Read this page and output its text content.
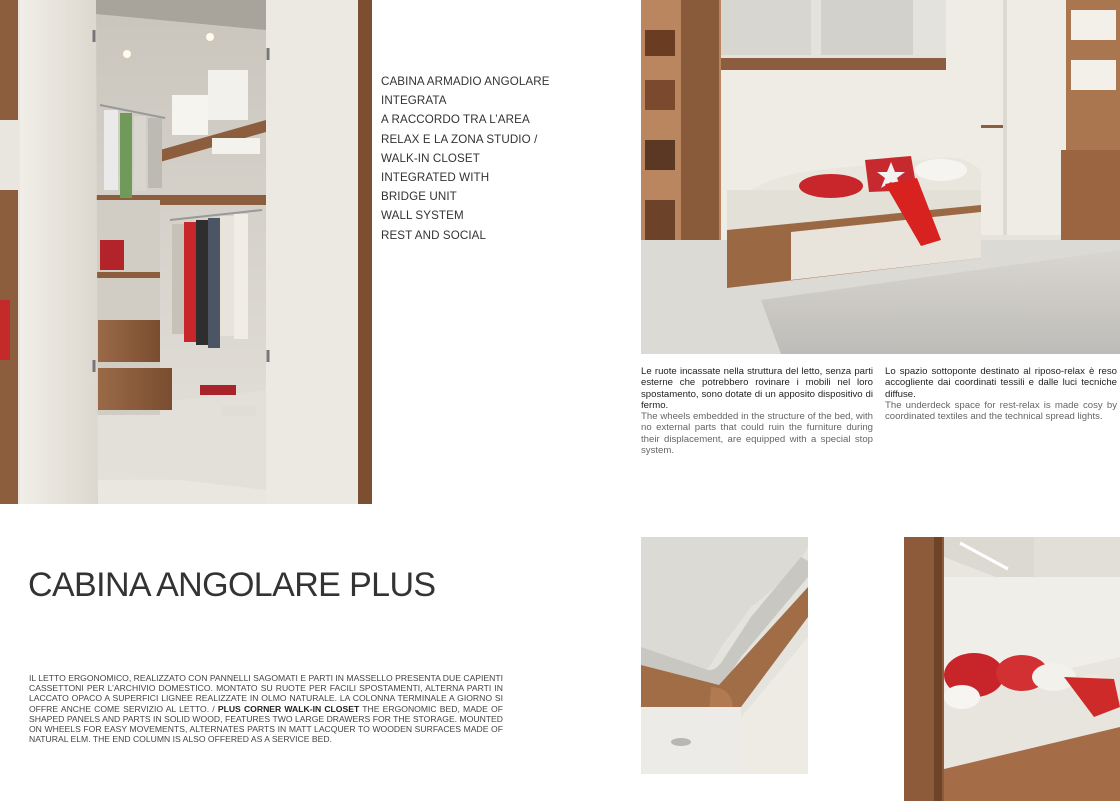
CABINA ARMADIO ANGOLARE
INTEGRATA
A RACCORDO TRA L’AREA
RELAX E LA ZONA STUDIO /
WALK-IN CLOSET
INTEGRATED WITH
BRIDGE UNIT
WALL SYSTEM
REST AND SOCIAL
Le ruote incassate nella struttura del letto, senza parti esterne che potrebbero rovinare i mobili nel loro spostamento, sono dotate di un apposito dispositivo di fermo.
The wheels embedded in the structure of the bed, with no external parts that could ruin the furniture during their displacement, are equipped with a special stop system.
Lo spazio sottoponte destinato al riposo-relax è reso accogliente dai coordinati tessili e dalle luci tecniche diffuse.
The underdeck space for rest-relax is made cosy by coordinated textiles and the technical spread lights.
CABINA ANGOLARE PLUS
IL LETTO ERGONOMICO, REALIZZATO CON PANNELLI SAGOMATI E PARTI IN MASSELLO PRESENTA DUE CAPIENTI CASSETTONI PER L’ARCHIVIO DOMESTICO. MONTATO SU RUOTE PER FACILI SPOSTAMENTI, ALTERNA PARTI IN LACCATO OPACO A SUPERFICI LIGNEE REALIZZATE IN OLMO NATURALE. LA COLONNA TERMINALE A GIORNO SI OFFRE ANCHE COME SERVIZIO AL LETTO. / PLUS CORNER WALK-IN CLOSET THE ERGONOMIC BED, MADE OF SHAPED PANELS AND PARTS IN SOLID WOOD, FEATURES TWO LARGE DRAWERS FOR THE STORAGE. MOUNTED ON WHEELS FOR EASY MOVEMENTS, ALTERNATES PARTS IN MATT LACQUER TO WOODEN SURFACES MADE OF NATURAL ELM. THE END COLUMN IS ALSO OFFERED AS A SERVICE BED.
